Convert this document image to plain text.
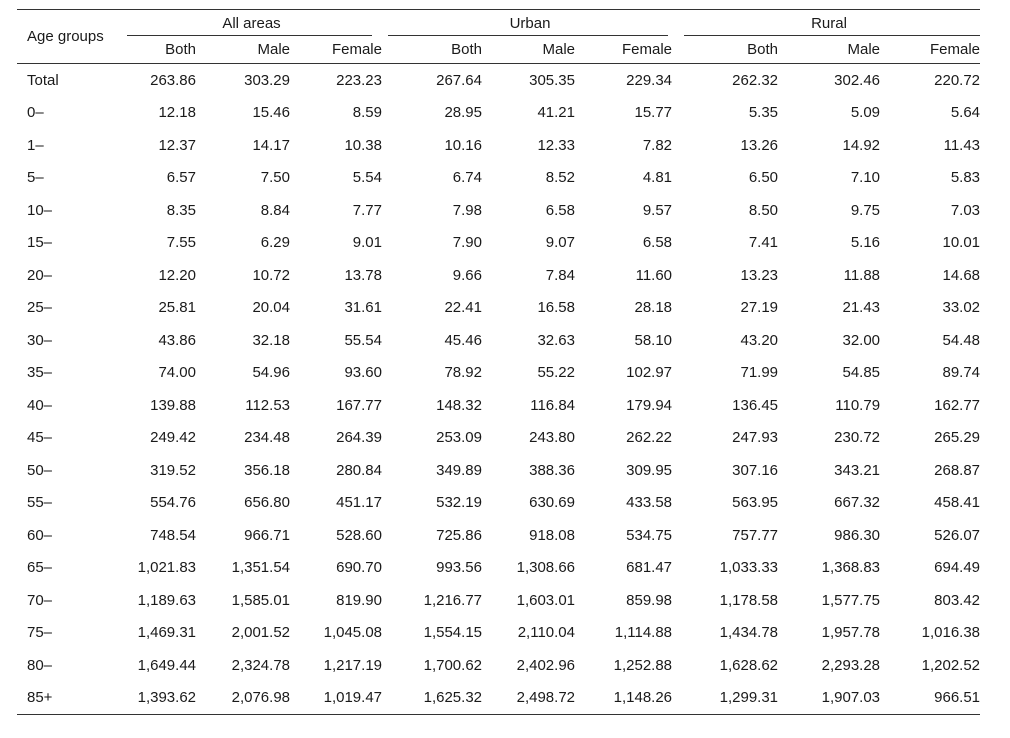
Age groups	All areas			Urban			Rural		

	Both	Male	Female	Both	Male	Female	Both	Male	Female
Total	263.86	303.29	223.23	267.64	305.35	229.34	262.32	302.46	220.72
0–	12.18	15.46	8.59	28.95	41.21	15.77	5.35	5.09	5.64
1–	12.37	14.17	10.38	10.16	12.33	7.82	13.26	14.92	11.43
5–	6.57	7.50	5.54	6.74	8.52	4.81	6.50	7.10	5.83
10–	8.35	8.84	7.77	7.98	6.58	9.57	8.50	9.75	7.03
15–	7.55	6.29	9.01	7.90	9.07	6.58	7.41	5.16	10.01
20–	12.20	10.72	13.78	9.66	7.84	11.60	13.23	11.88	14.68
25–	25.81	20.04	31.61	22.41	16.58	28.18	27.19	21.43	33.02
30–	43.86	32.18	55.54	45.46	32.63	58.10	43.20	32.00	54.48
35–	74.00	54.96	93.60	78.92	55.22	102.97	71.99	54.85	89.74
40–	139.88	112.53	167.77	148.32	116.84	179.94	136.45	110.79	162.77
45–	249.42	234.48	264.39	253.09	243.80	262.22	247.93	230.72	265.29
50–	319.52	356.18	280.84	349.89	388.36	309.95	307.16	343.21	268.87
55–	554.76	656.80	451.17	532.19	630.69	433.58	563.95	667.32	458.41
60–	748.54	966.71	528.60	725.86	918.08	534.75	757.77	986.30	526.07
65–	1,021.83	1,351.54	690.70	993.56	1,308.66	681.47	1,033.33	1,368.83	694.49
70–	1,189.63	1,585.01	819.90	1,216.77	1,603.01	859.98	1,178.58	1,577.75	803.42
75–	1,469.31	2,001.52	1,045.08	1,554.15	2,110.04	1,114.88	1,434.78	1,957.78	1,016.38
80–	1,649.44	2,324.78	1,217.19	1,700.62	2,402.96	1,252.88	1,628.62	2,293.28	1,202.52
85+	1,393.62	2,076.98	1,019.47	1,625.32	2,498.72	1,148.26	1,299.31	1,907.03	966.51
